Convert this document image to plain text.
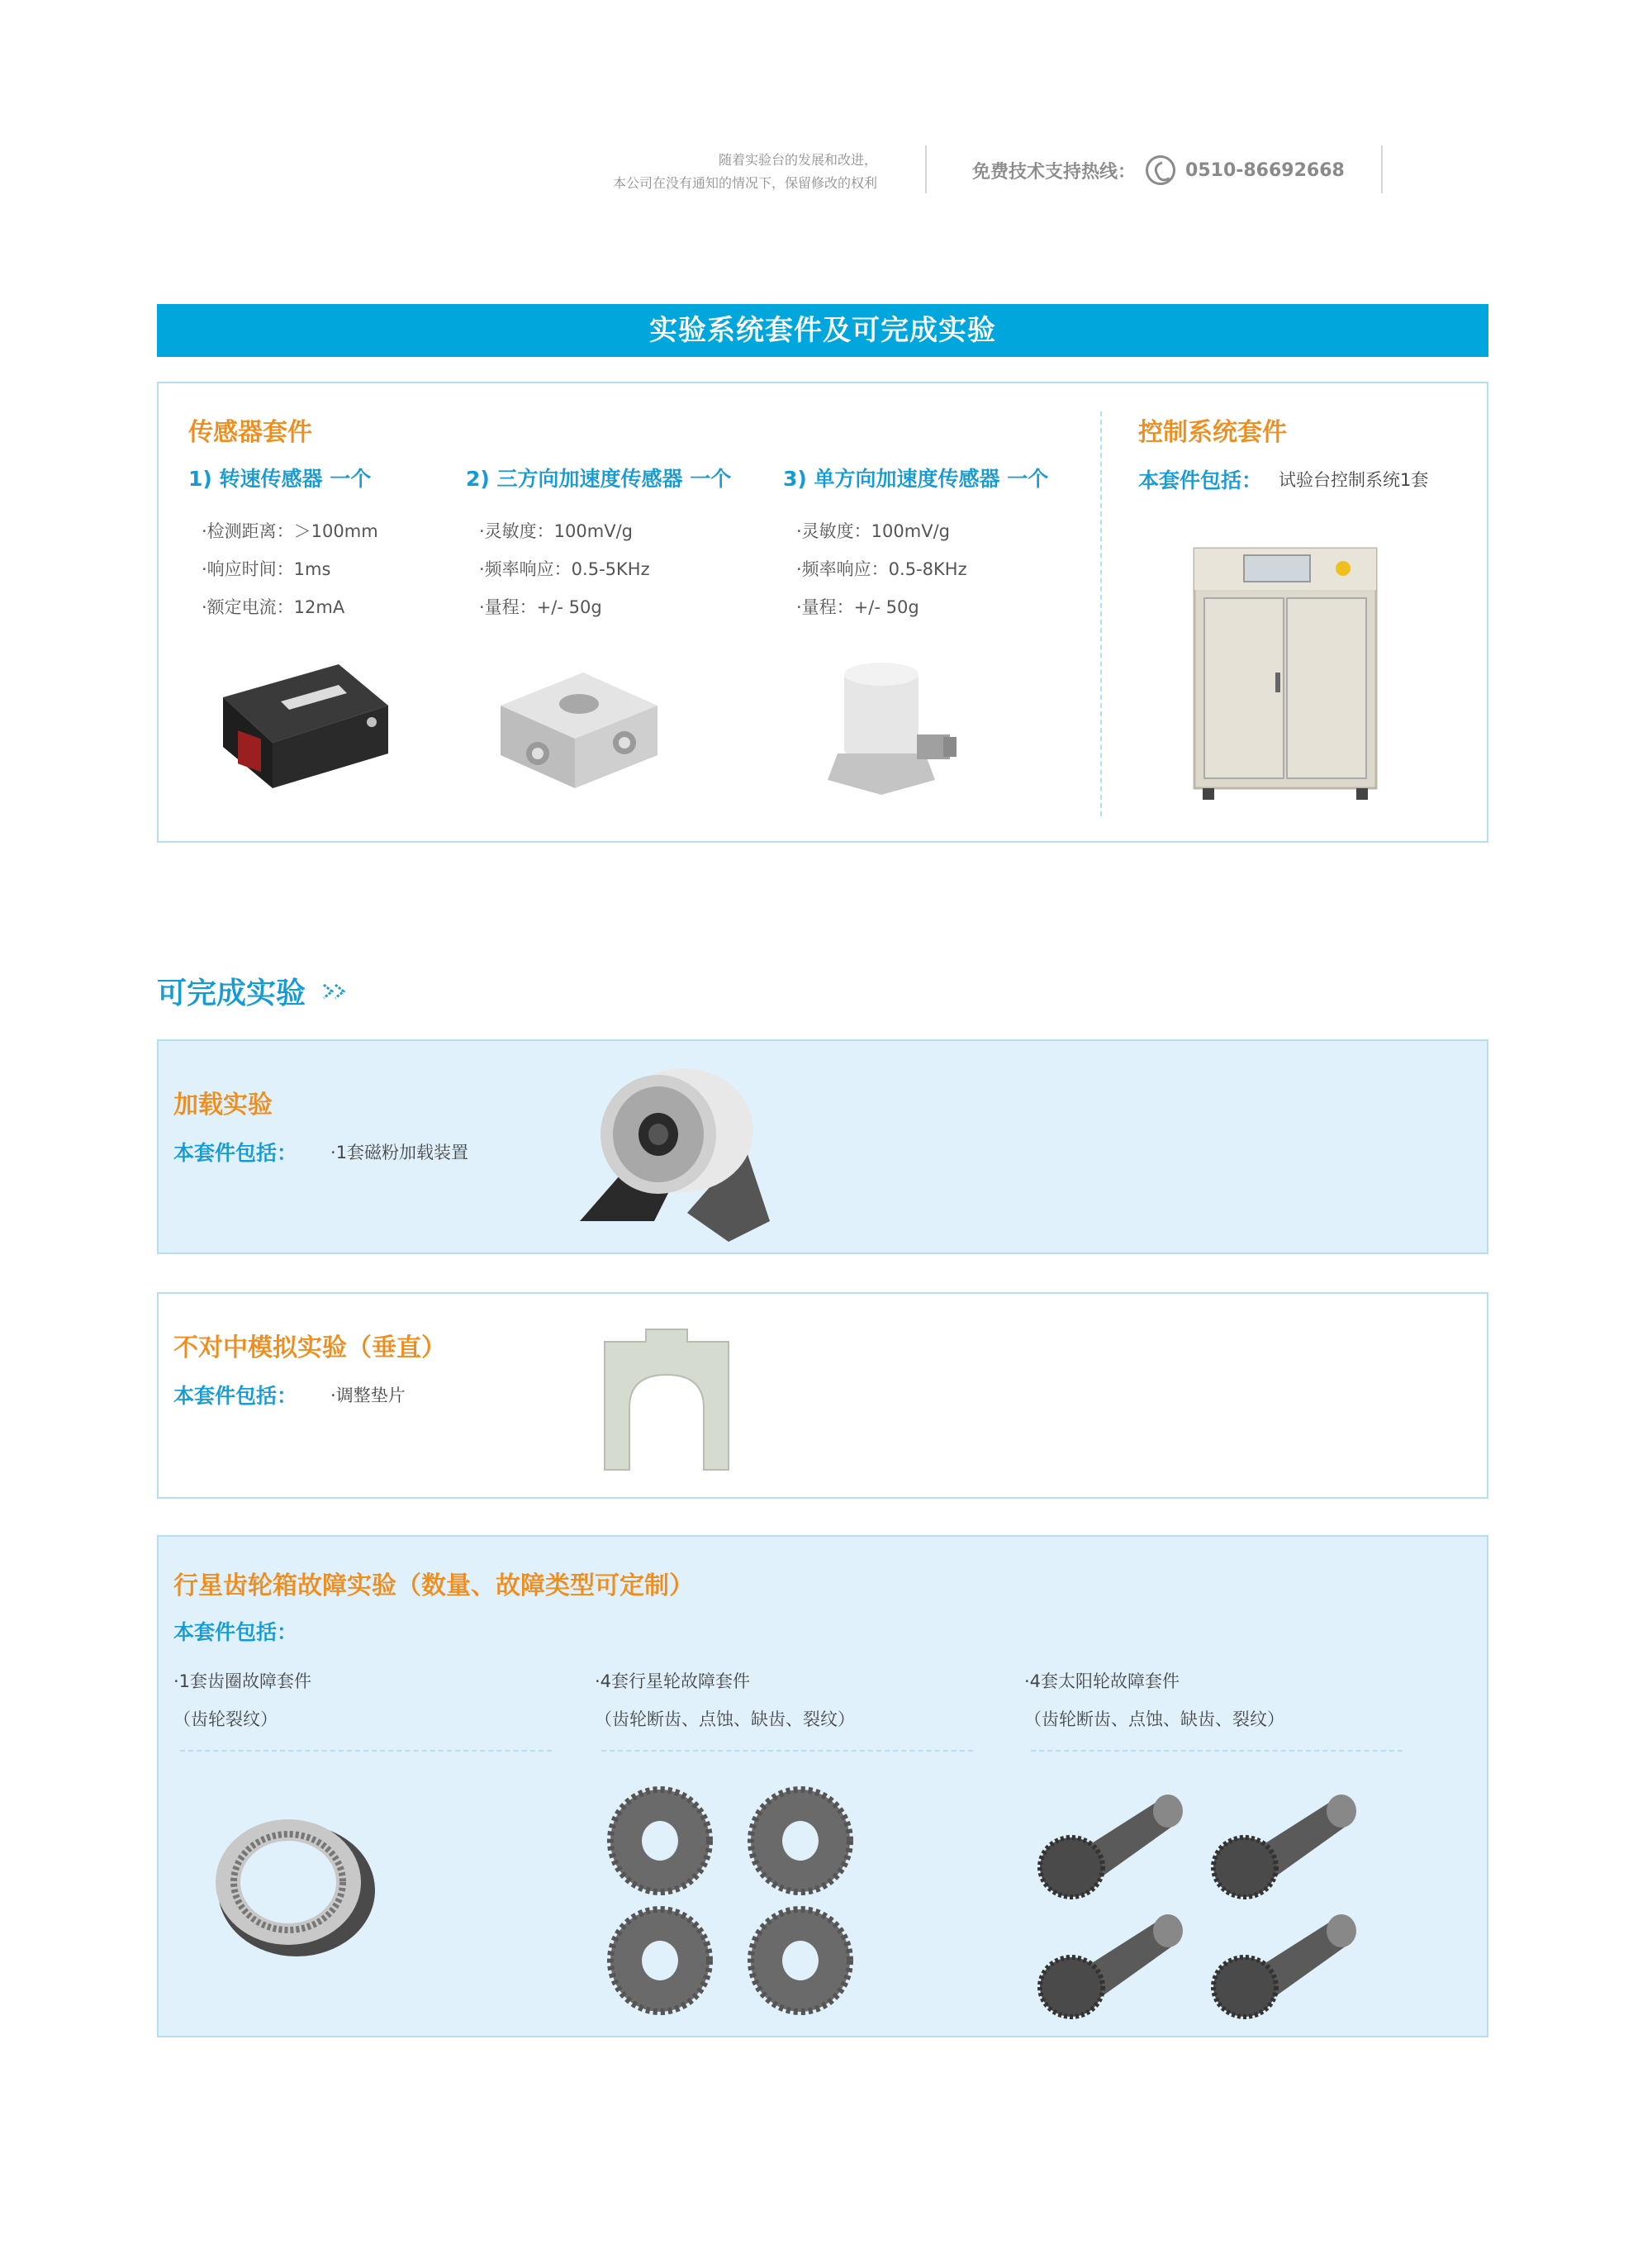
随着实验台的发展和改进，
本公司在没有通知的情况下，保留修改的权利
免费技术支持热线：	0510-86692668
实验系统套件及可完成实验
传感器套件
1) 转速传感器 一个
·检测距离：＞100mm
·响应时间：1ms
·额定电流：12mA
2) 三方向加速度传感器 一个
·灵敏度：100mV/g
·频率响应：0.5-5KHz
·量程：+/- 50g
3) 单方向加速度传感器 一个
·灵敏度：100mV/g
·频率响应：0.5-8KHz
·量程：+/- 50g
控制系统套件
本套件包括： 试验台控制系统1套
可完成实验
加载实验
本套件包括： ·1套磁粉加载装置
不对中模拟实验（垂直）
本套件包括： ·调整垫片
行星齿轮箱故障实验（数量、故障类型可定制）
本套件包括：
·1套齿圈故障套件
（齿轮裂纹）
·4套行星轮故障套件
（齿轮断齿、点蚀、缺齿、裂纹）
·4套太阳轮故障套件
（齿轮断齿、点蚀、缺齿、裂纹）
